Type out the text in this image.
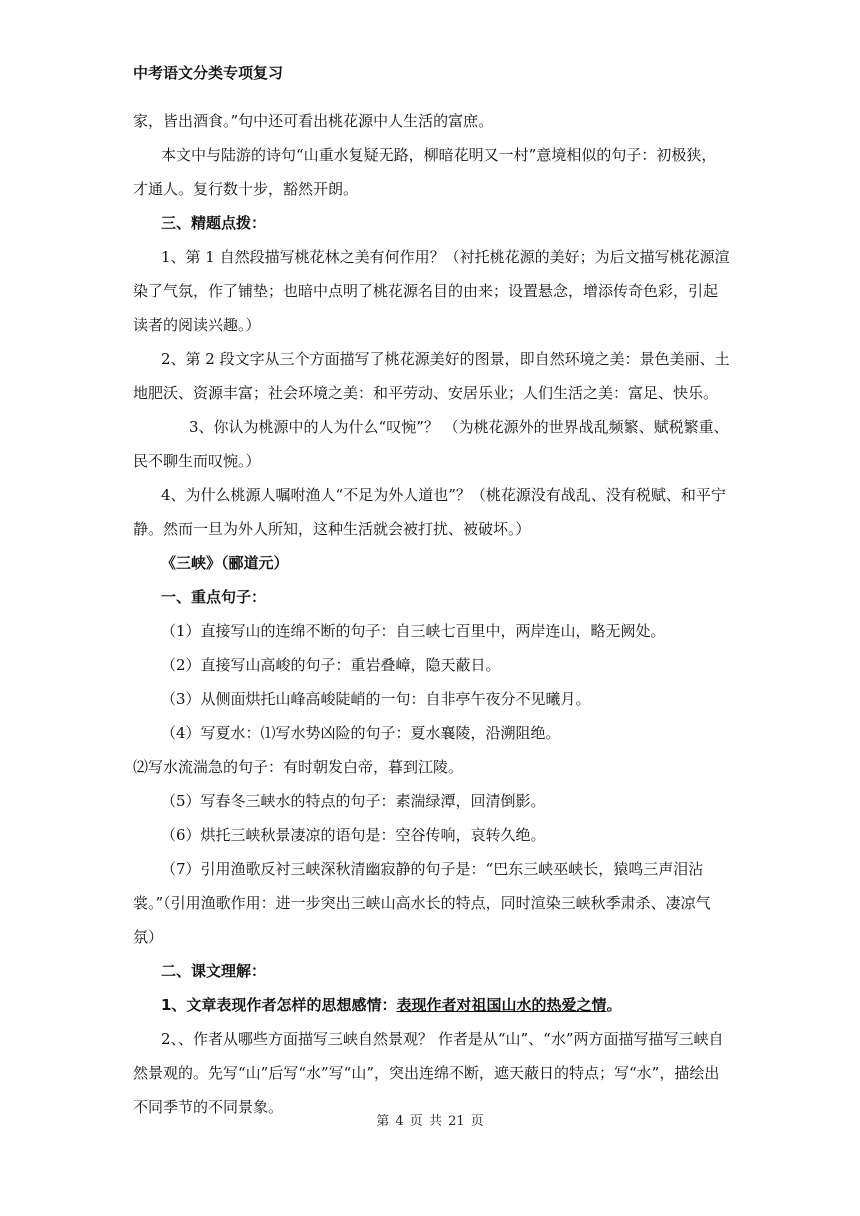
中考语文分类专项复习

家，皆出酒食。”句中还可看出桃花源中人生活的富庶。

本文中与陆游的诗句“山重水复疑无路，柳暗花明又一村”意境相似的句子：初极狭，才通人。复行数十步，豁然开朗。

三、精题点拨：

1、第 1 自然段描写桃花林之美有何作用？（衬托桃花源的美好；为后文描写桃花源渲染了气氛，作了铺垫；也暗中点明了桃花源名目的由来；设置悬念，增添传奇色彩，引起读者的阅读兴趣。）

2、第 2 段文字从三个方面描写了桃花源美好的图景，即自然环境之美：景色美丽、土地肥沃、资源丰富；社会环境之美：和平劳动、安居乐业；人们生活之美：富足、快乐。

3、你认为桃源中的人为什么“叹惋”？ （为桃花源外的世界战乱频繁、赋税繁重、民不聊生而叹惋。）

4、为什么桃源人嘱咐渔人“不足为外人道也”？（桃花源没有战乱、没有税赋、和平宁静。然而一旦为外人所知，这种生活就会被打扰、被破坏。）

《三峡》（郦道元）

一、重点句子：

（1）直接写山的连绵不断的句子：自三峡七百里中，两岸连山，略无阙处。

（2）直接写山高峻的句子：重岩叠嶂，隐天蔽日。

（3）从侧面烘托山峰高峻陡峭的一句：自非亭午夜分不见曦月。

（4）写夏水：⑴写水势凶险的句子：夏水襄陵，沿溯阻绝。

⑵写水流湍急的句子：有时朝发白帝，暮到江陵。

（5）写春冬三峡水的特点的句子：素湍绿潭，回清倒影。

（6）烘托三峡秋景凄凉的语句是：空谷传响，哀转久绝。

（7）引用渔歌反衬三峡深秋清幽寂静的句子是：“巴东三峡巫峡长，猿鸣三声泪沾裳。”（引用渔歌作用：进一步突出三峡山高水长的特点，同时渲染三峡秋季肃杀、凄凉气氛）

二、课文理解：

1、文章表现作者怎样的思想感情：表现作者对祖国山水的热爱之情。

2、、作者从哪些方面描写三峡自然景观？ 作者是从“山”、“水”两方面描写描写三峡自然景观的。先写“山”后写“水”写“山”，突出连绵不断，遮天蔽日的特点；写“水”，描绘出不同季节的不同景象。

第 4 页 共 21 页
